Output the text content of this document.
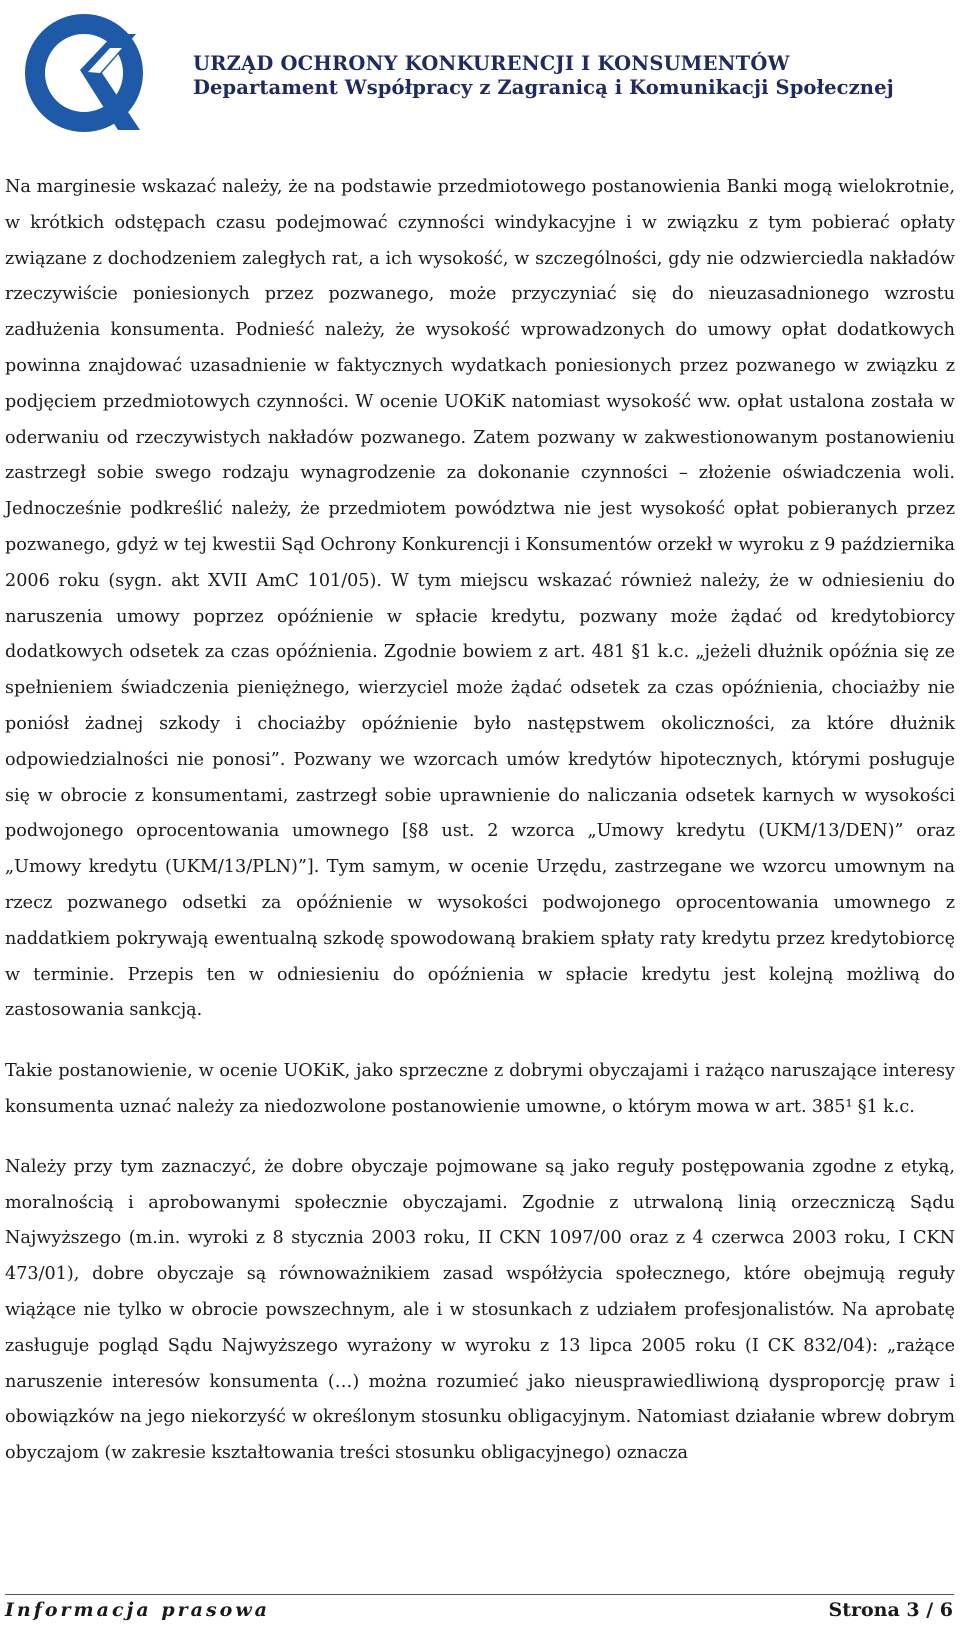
URZĄD OCHRONY KONKURENCJI I KONSUMENTÓW
Departament Współpracy z Zagranicą i Komunikacji Społecznej

Na marginesie wskazać należy, że na podstawie przedmiotowego postanowienia Banki mogą wielokrotnie, w krótkich odstępach czasu podejmować czynności windykacyjne i w związku z tym pobierać opłaty związane z dochodzeniem zaległych rat, a ich wysokość, w szczególności, gdy nie odzwierciedla nakładów rzeczywiście poniesionych przez pozwanego, może przyczyniać się do nieuzasadnionego wzrostu zadłużenia konsumenta. Podnieść należy, że wysokość wprowadzonych do umowy opłat dodatkowych powinna znajdować uzasadnienie w faktycznych wydatkach poniesionych przez pozwanego w związku z podjęciem przedmiotowych czynności. W ocenie UOKiK natomiast wysokość ww. opłat ustalona została w oderwaniu od rzeczywistych nakładów pozwanego. Zatem pozwany w zakwestionowanym postanowieniu zastrzegł sobie swego rodzaju wynagrodzenie za dokonanie czynności – złożenie oświadczenia woli. Jednocześnie podkreślić należy, że przedmiotem powództwa nie jest wysokość opłat pobieranych przez pozwanego, gdyż w tej kwestii Sąd Ochrony Konkurencji i Konsumentów orzekł w wyroku z 9 października 2006 roku (sygn. akt XVII AmC 101/05). W tym miejscu wskazać również należy, że w odniesieniu do naruszenia umowy poprzez opóźnienie w spłacie kredytu, pozwany może żądać od kredytobiorcy dodatkowych odsetek za czas opóźnienia. Zgodnie bowiem z art. 481 §1 k.c. „jeżeli dłużnik opóźnia się ze spełnieniem świadczenia pieniężnego, wierzyciel może żądać odsetek za czas opóźnienia, chociażby nie poniósł żadnej szkody i chociażby opóźnienie było następstwem okoliczności, za które dłużnik odpowiedzialności nie ponosi”. Pozwany we wzorcach umów kredytów hipotecznych, którymi posługuje się w obrocie z konsumentami, zastrzegł sobie uprawnienie do naliczania odsetek karnych w wysokości podwojonego oprocentowania umownego [§8 ust. 2 wzorca „Umowy kredytu (UKM/13/DEN)” oraz „Umowy kredytu (UKM/13/PLN)”]. Tym samym, w ocenie Urzędu, zastrzegane we wzorcu umownym na rzecz pozwanego odsetki za opóźnienie w wysokości podwojonego oprocentowania umownego z naddatkiem pokrywają ewentualną szkodę spowodowaną brakiem spłaty raty kredytu przez kredytobiorcę w terminie. Przepis ten w odniesieniu do opóźnienia w spłacie kredytu jest kolejną możliwą do zastosowania sankcją.

Takie postanowienie, w ocenie UOKiK, jako sprzeczne z dobrymi obyczajami i rażąco naruszające interesy konsumenta uznać należy za niedozwolone postanowienie umowne, o którym mowa w art. 385¹ §1 k.c.

Należy przy tym zaznaczyć, że dobre obyczaje pojmowane są jako reguły postępowania zgodne z etyką, moralnością i aprobowanymi społecznie obyczajami. Zgodnie z utrwaloną linią orzeczniczą Sądu Najwyższego (m.in. wyroki z 8 stycznia 2003 roku, II CKN 1097/00 oraz z 4 czerwca 2003 roku, I CKN 473/01), dobre obyczaje są równoważnikiem zasad współżycia społecznego, które obejmują reguły wiążące nie tylko w obrocie powszechnym, ale i w stosunkach z udziałem profesjonalistów. Na aprobatę zasługuje pogląd Sądu Najwyższego wyrażony w wyroku z 13 lipca 2005 roku (I CK 832/04): „rażące naruszenie interesów konsumenta (…) można rozumieć jako nieusprawiedliwioną dysproporcję praw i obowiązków na jego niekorzyść w określonym stosunku obligacyjnym. Natomiast działanie wbrew dobrym obyczajom (w zakresie kształtowania treści stosunku obligacyjnego) oznacza

Informacja prasowa	Strona 3 / 6
